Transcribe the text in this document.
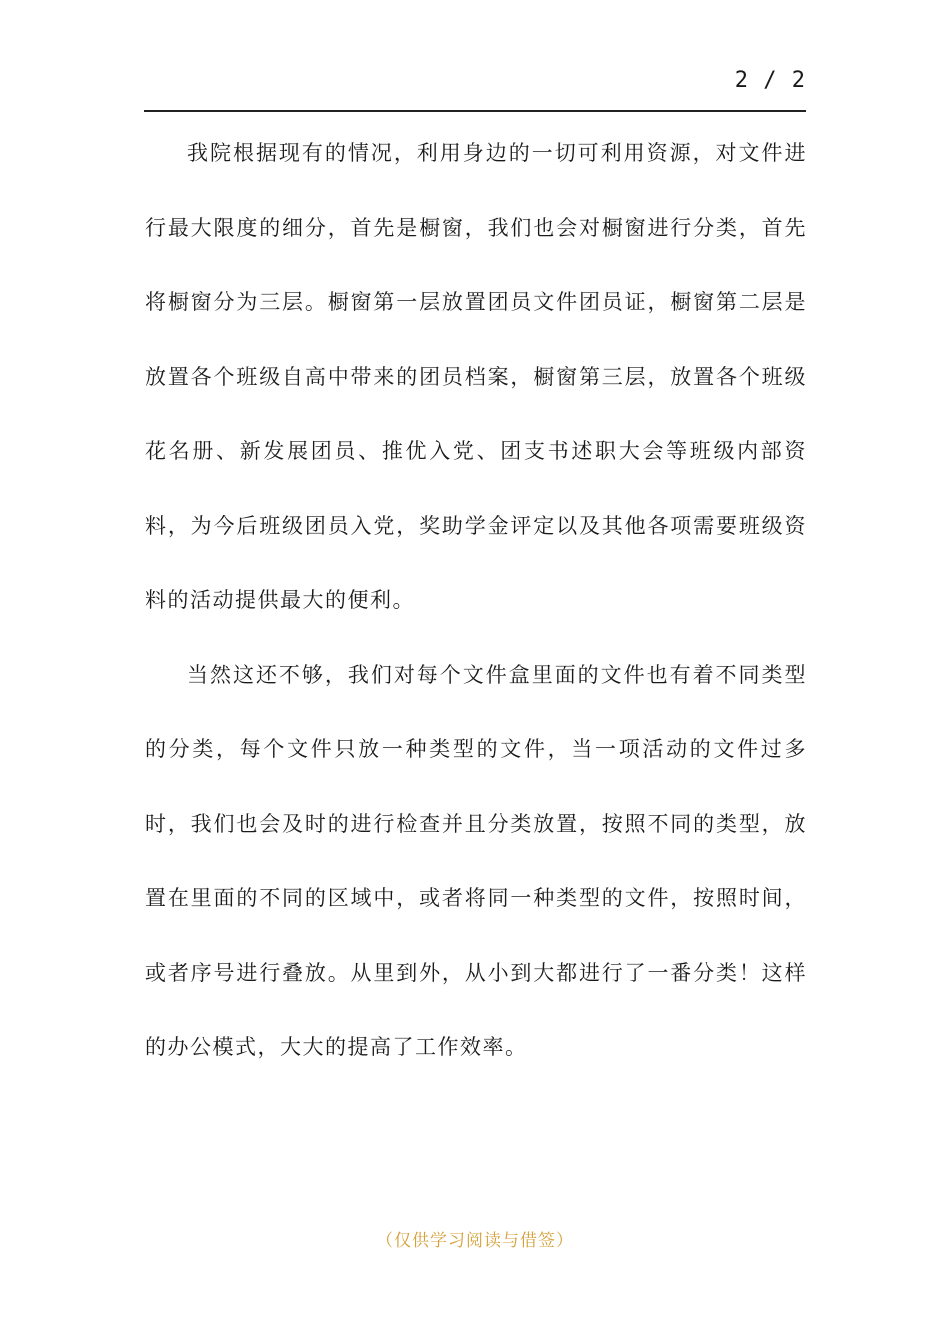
2 / 2

我院根据现有的情况，利用身边的一切可利用资源，对文件进行最大限度的细分，首先是橱窗，我们也会对橱窗进行分类，首先将橱窗分为三层。橱窗第一层放置团员文件团员证，橱窗第二层是放置各个班级自高中带来的团员档案，橱窗第三层，放置各个班级花名册、新发展团员、推优入党、团支书述职大会等班级内部资料，为今后班级团员入党，奖助学金评定以及其他各项需要班级资料的活动提供最大的便利。

当然这还不够，我们对每个文件盒里面的文件也有着不同类型的分类，每个文件只放一种类型的文件，当一项活动的文件过多时，我们也会及时的进行检查并且分类放置，按照不同的类型，放置在里面的不同的区域中，或者将同一种类型的文件，按照时间，或者序号进行叠放。从里到外，从小到大都进行了一番分类！这样的办公模式，大大的提高了工作效率。

（仅供学习阅读与借签）
